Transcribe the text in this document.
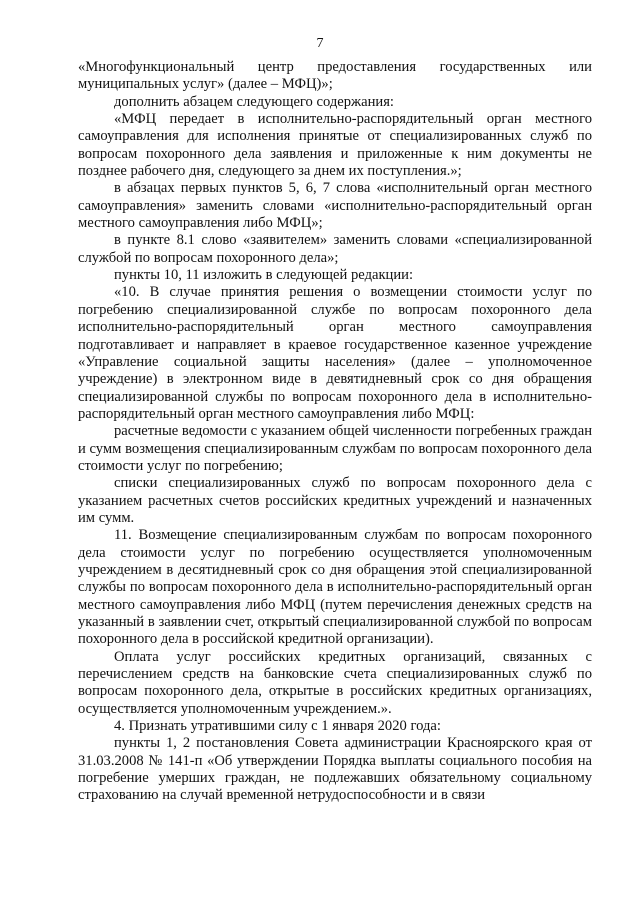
7

«Многофункциональный центр предоставления государственных или муниципальных услуг» (далее – МФЦ)»;

дополнить абзацем следующего содержания:

«МФЦ передает в исполнительно-распорядительный орган местного самоуправления для исполнения принятые от специализированных служб по вопросам похоронного дела заявления и приложенные к ним документы не позднее рабочего дня, следующего за днем их поступления.»;

в абзацах первых пунктов 5, 6, 7 слова «исполнительный орган местного самоуправления» заменить словами «исполнительно-распорядительный орган местного самоуправления либо МФЦ»;

в пункте 8.1 слово «заявителем» заменить словами «специализированной службой по вопросам похоронного дела»;

пункты 10, 11 изложить в следующей редакции:

«10. В случае принятия решения о возмещении стоимости услуг по погребению специализированной службе по вопросам похоронного дела исполнительно-распорядительный орган местного самоуправления подготавливает и направляет в краевое государственное казенное учреждение «Управление социальной защиты населения» (далее – уполномоченное учреждение) в электронном виде в девятидневный срок со дня обращения специализированной службы по вопросам похоронного дела в исполнительно-распорядительный орган местного самоуправления либо МФЦ:

расчетные ведомости с указанием общей численности погребенных граждан и сумм возмещения специализированным службам по вопросам похоронного дела стоимости услуг по погребению;

списки специализированных служб по вопросам похоронного дела с указанием расчетных счетов российских кредитных учреждений и назначенных им сумм.

11. Возмещение специализированным службам по вопросам похоронного дела стоимости услуг по погребению осуществляется уполномоченным учреждением в десятидневный срок со дня обращения этой специализированной службы по вопросам похоронного дела в исполнительно-распорядительный орган местного самоуправления либо МФЦ (путем перечисления денежных средств на указанный в заявлении счет, открытый специализированной службой по вопросам похоронного дела в российской кредитной организации).

Оплата услуг российских кредитных организаций, связанных с перечислением средств на банковские счета специализированных служб по вопросам похоронного дела, открытые в российских кредитных организациях, осуществляется уполномоченным учреждением.».

4. Признать утратившими силу с 1 января 2020 года:

пункты 1, 2 постановления Совета администрации Красноярского края от 31.03.2008 № 141-п «Об утверждении Порядка выплаты социального пособия на погребение умерших граждан, не подлежавших обязательному социальному страхованию на случай временной нетрудоспособности и в связи
